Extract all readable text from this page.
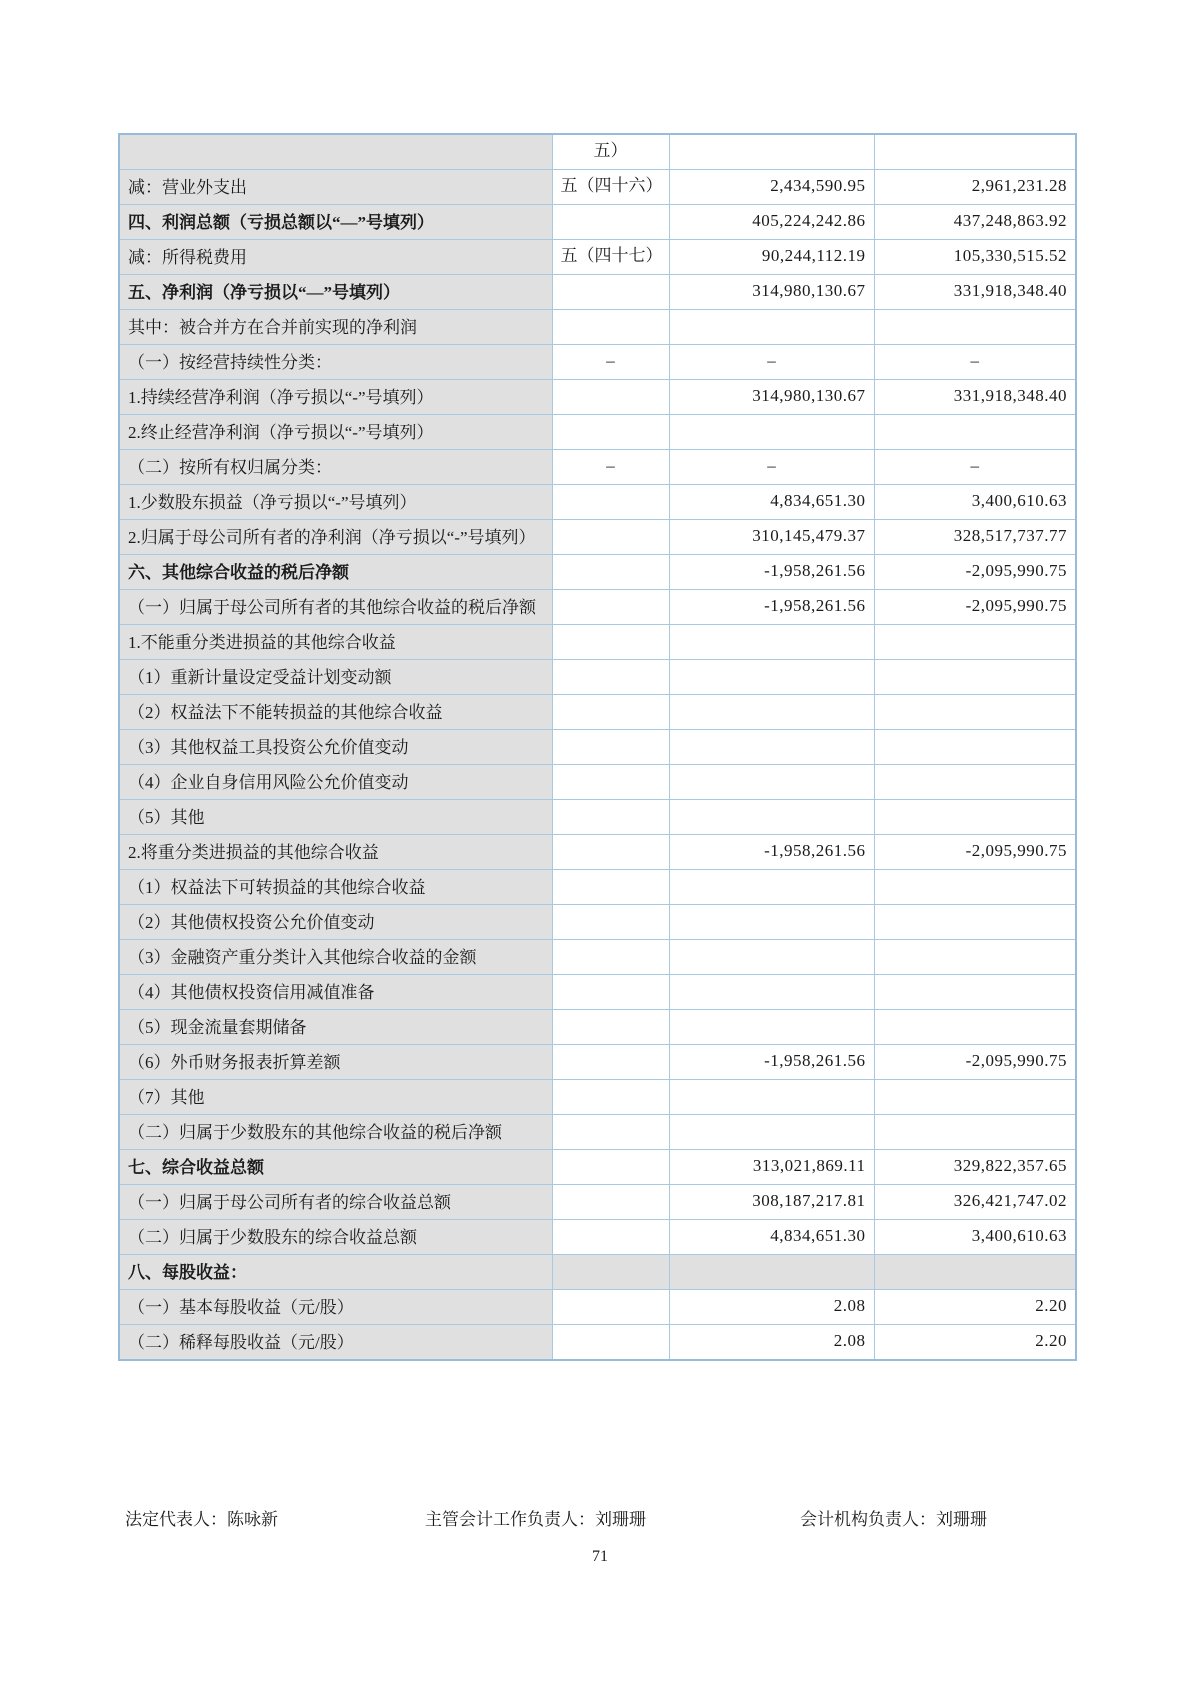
	五）		
减：营业外支出	五（四十六）	2,434,590.95	2,961,231.28
四、利润总额（亏损总额以“—”号填列）		405,224,242.86	437,248,863.92
减：所得税费用	五（四十七）	90,244,112.19	105,330,515.52
五、净利润（净亏损以“—”号填列）		314,980,130.67	331,918,348.40
其中：被合并方在合并前实现的净利润			
（一）按经营持续性分类：	–	–	–
1.持续经营净利润（净亏损以“-”号填列）		314,980,130.67	331,918,348.40
2.终止经营净利润（净亏损以“-”号填列）			
（二）按所有权归属分类：	–	–	–
1.少数股东损益（净亏损以“-”号填列）		4,834,651.30	3,400,610.63
2.归属于母公司所有者的净利润（净亏损以“-”号填列）		310,145,479.37	328,517,737.77
六、其他综合收益的税后净额		-1,958,261.56	-2,095,990.75
（一）归属于母公司所有者的其他综合收益的税后净额		-1,958,261.56	-2,095,990.75
1.不能重分类进损益的其他综合收益			
（1）重新计量设定受益计划变动额			
（2）权益法下不能转损益的其他综合收益			
（3）其他权益工具投资公允价值变动			
（4）企业自身信用风险公允价值变动			
（5）其他			
2.将重分类进损益的其他综合收益		-1,958,261.56	-2,095,990.75
（1）权益法下可转损益的其他综合收益			
（2）其他债权投资公允价值变动			
（3）金融资产重分类计入其他综合收益的金额			
（4）其他债权投资信用减值准备			
（5）现金流量套期储备			
（6）外币财务报表折算差额		-1,958,261.56	-2,095,990.75
（7）其他			
（二）归属于少数股东的其他综合收益的税后净额			
七、综合收益总额		313,021,869.11	329,822,357.65
（一）归属于母公司所有者的综合收益总额		308,187,217.81	326,421,747.02
（二）归属于少数股东的综合收益总额		4,834,651.30	3,400,610.63
八、每股收益：			
（一）基本每股收益（元/股）		2.08	2.20
（二）稀释每股收益（元/股）		2.08	2.20
法定代表人：陈咏新	主管会计工作负责人：刘珊珊	会计机构负责人：刘珊珊
71
